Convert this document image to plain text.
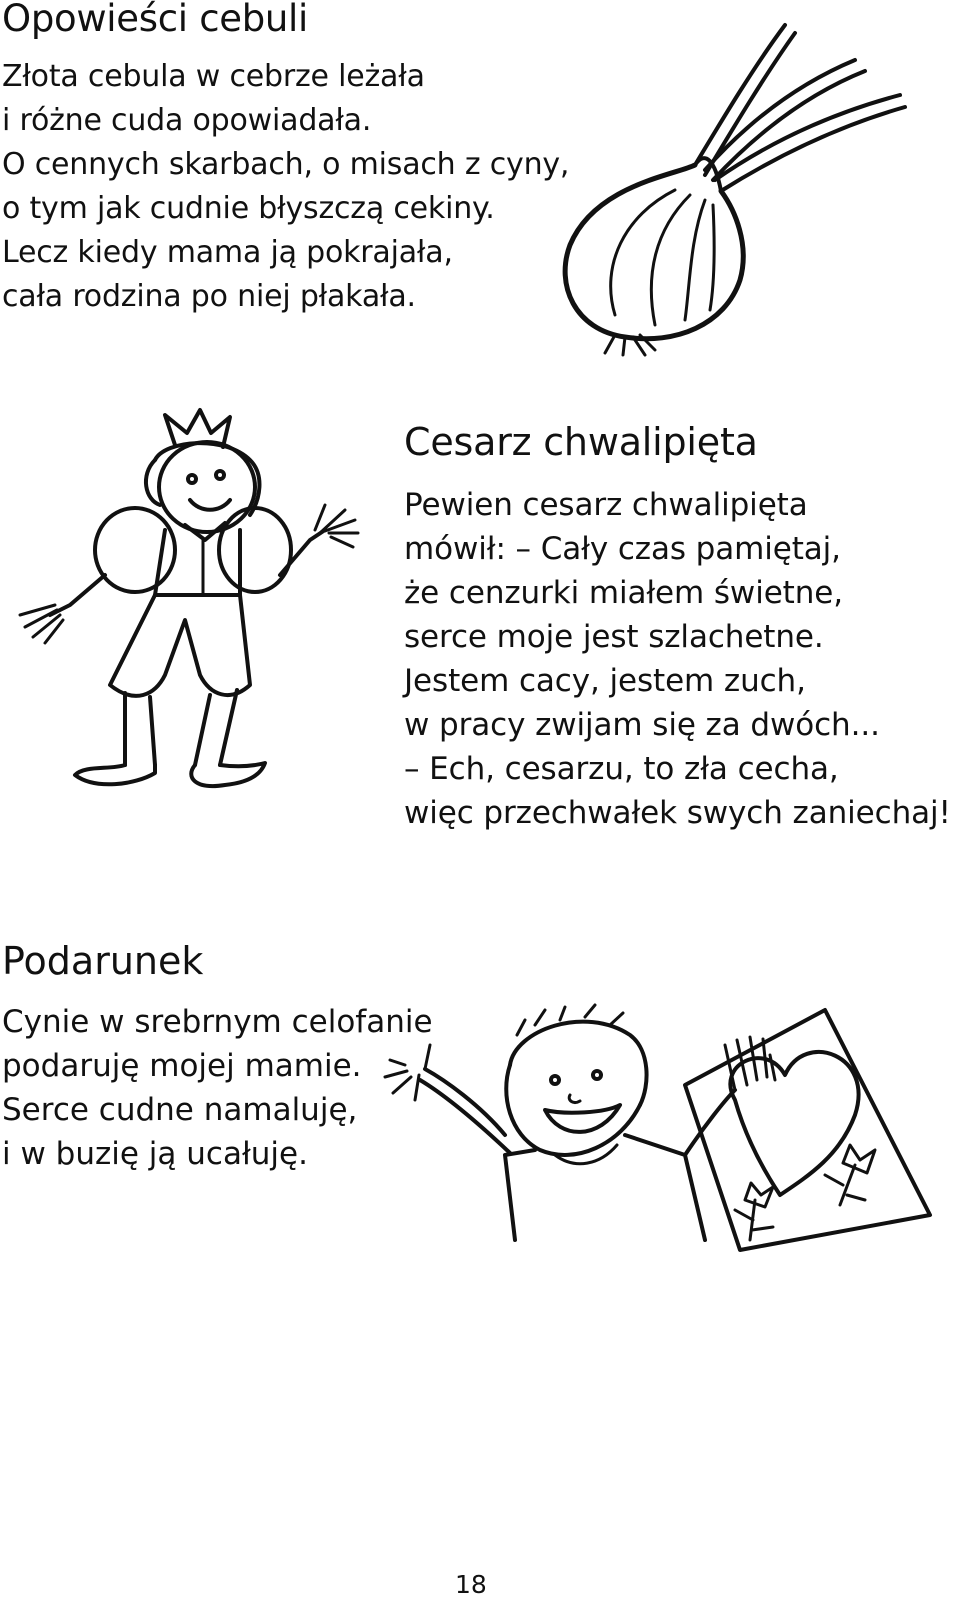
Opowieści cebuli
Złota cebula w cebrze leżała
i różne cuda opowiadała.
O cennych skarbach, o misach z cyny,
o tym jak cudnie błyszczą cekiny.
Lecz kiedy mama ją pokrajała,
cała rodzina po niej płakała.
Cesarz chwalipięta
Pewien cesarz chwalipięta
mówił: – Cały czas pamiętaj,
że cenzurki miałem świetne,
serce moje jest szlachetne.
Jestem cacy, jestem zuch,
w pracy zwijam się za dwóch...
– Ech, cesarzu, to zła cecha,
więc przechwałek swych zaniechaj!
Podarunek
Cynie w srebrnym celofanie
podaruję mojej mamie.
Serce cudne namaluję,
i w buzię ją ucałuję.
18
